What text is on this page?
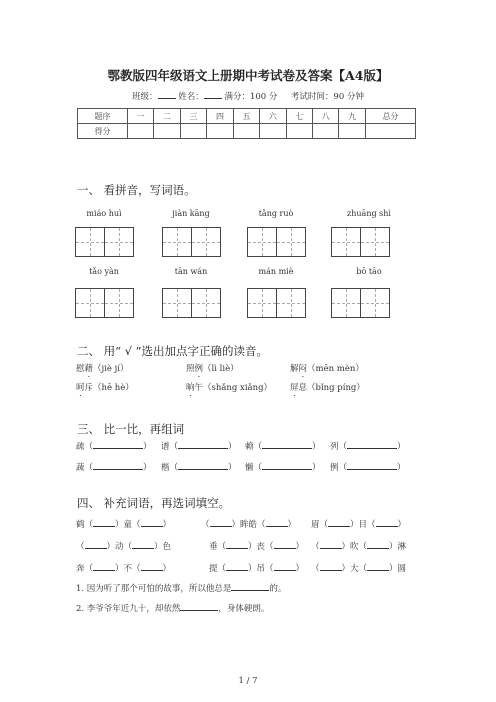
鄂教版四年级语文上册期中考试卷及答案【A4版】
班级： 姓名： 满分：100 分 考试时间：90 分钟
题序	一	二	三	四	五	六	七	八	九	总分
得分										
一、 看拼音，写词语。
miáo huì	jiàn kāng	tǎng ruò	zhuāng shì
tǎo yàn	tān wán	mán miè	bō tāo
二、 用“ √ ”选出加点字正确的读音。
慰藉（jiè jí）	照例（lì liè）	解闷（mēn mèn）
呵斥（hē hè）	晌午（shǎng xiǎng） 屏息（bǐng píng）
三、 比一比，再组词
疏（	） 谱（	） 赖（	） 列（	）
蔬（	） 楷（	） 懒（	） 例（	）
四、 补充词语，再选词填空。
鹤（	）童（	）	（	）眸皓（	） 眉（	）目（	）
（	）动（	）色	垂（	）丧（	） （	）吹（	）淋
奔（	）不（	）	提（	）吊（	） （	）大（	）圆
1. 因为听了那个可怕的故事，所以他总是	的。
2. 李爷爷年近九十，却依然	，身体硬朗。
1 / 7
